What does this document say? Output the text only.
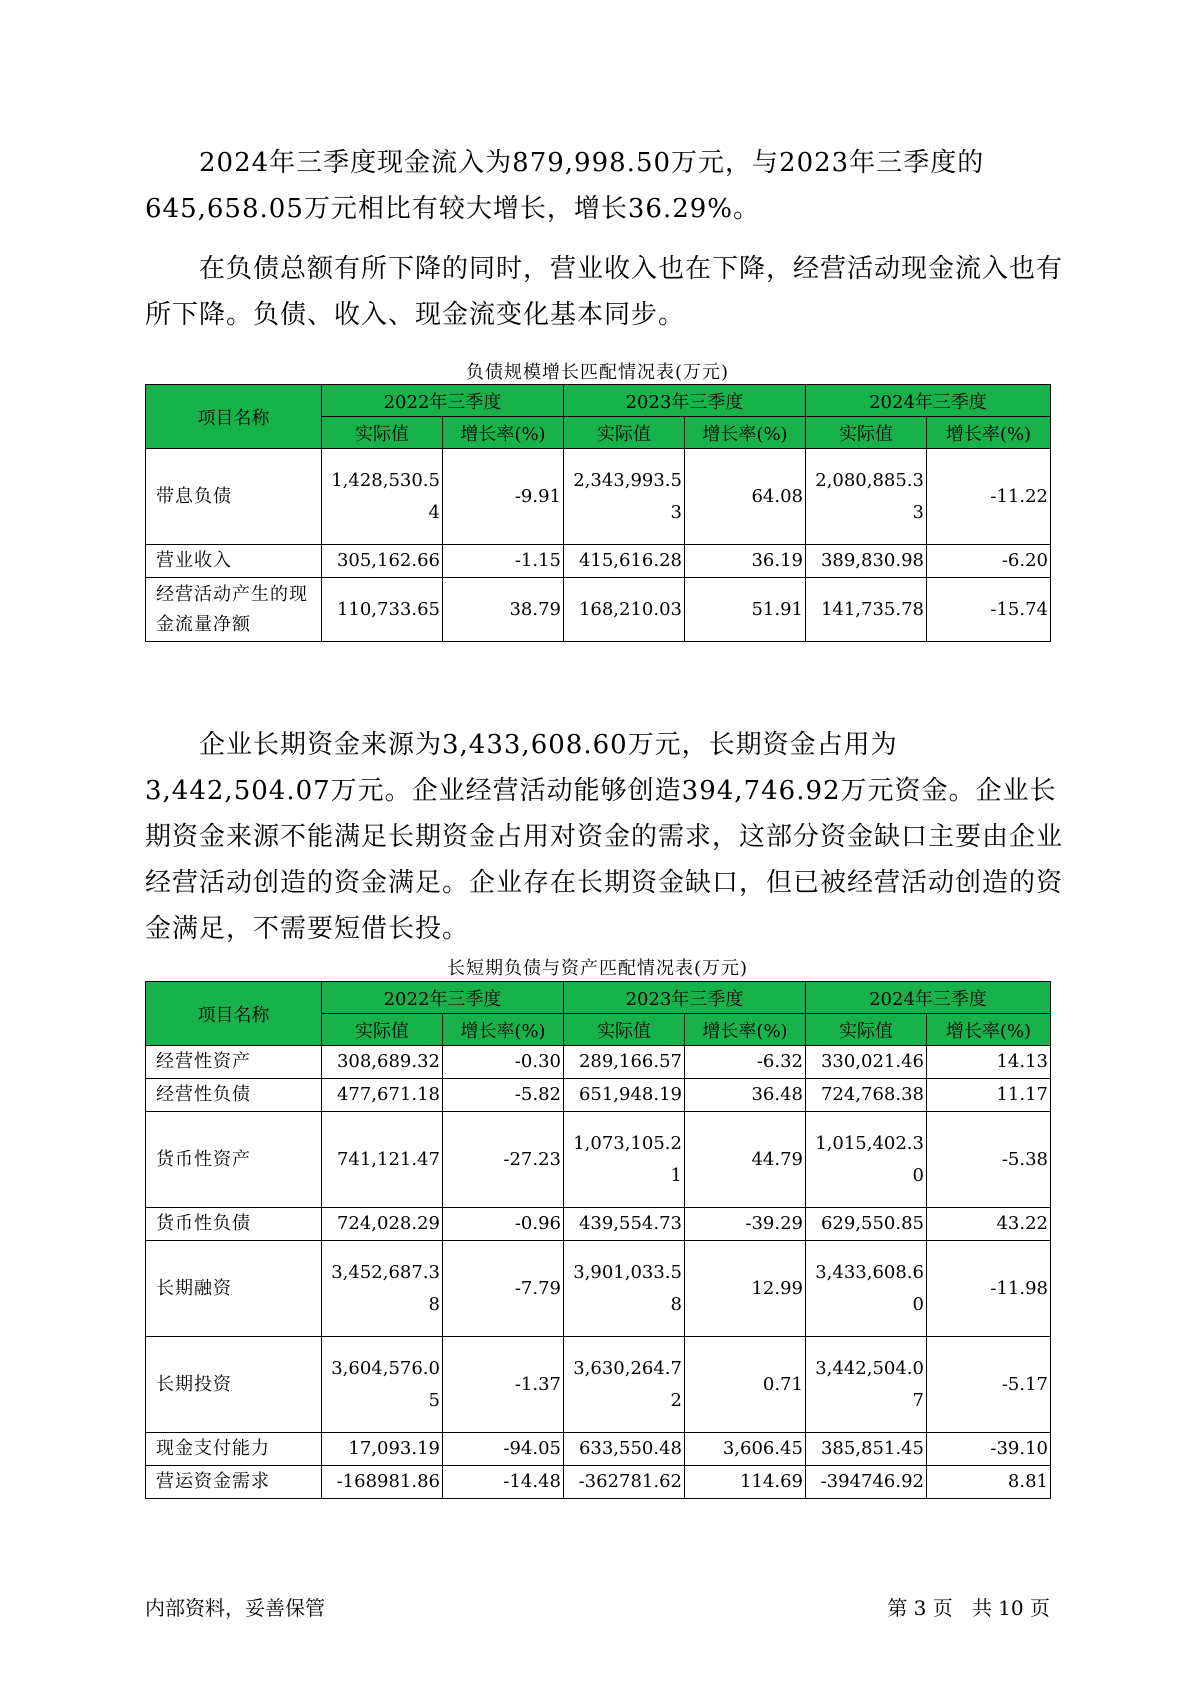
2024年三季度现金流入为879,998.50万元，与2023年三季度的645,658.05万元相比有较大增长，增长36.29%。

在负债总额有所下降的同时，营业收入也在下降，经营活动现金流入也有所下降。负债、收入、现金流变化基本同步。

负债规模增长匹配情况表(万元)
项目名称	2022年三季度		2023年三季度		2024年三季度	
	实际值	增长率(%)	实际值	增长率(%)	实际值	增长率(%)
带息负债	1,428,530.54	-9.91	2,343,993.53	64.08	2,080,885.33	-11.22
营业收入	305,162.66	-1.15	415,616.28	36.19	389,830.98	-6.20
经营活动产生的现金流量净额	110,733.65	38.79	168,210.03	51.91	141,735.78	-15.74

企业长期资金来源为3,433,608.60万元，长期资金占用为3,442,504.07万元。企业经营活动能够创造394,746.92万元资金。企业长期资金来源不能满足长期资金占用对资金的需求，这部分资金缺口主要由企业经营活动创造的资金满足。企业存在长期资金缺口，但已被经营活动创造的资金满足，不需要短借长投。

长短期负债与资产匹配情况表(万元)
项目名称	2022年三季度		2023年三季度		2024年三季度	
	实际值	增长率(%)	实际值	增长率(%)	实际值	增长率(%)
经营性资产	308,689.32	-0.30	289,166.57	-6.32	330,021.46	14.13
经营性负债	477,671.18	-5.82	651,948.19	36.48	724,768.38	11.17
货币性资产	741,121.47	-27.23	1,073,105.21	44.79	1,015,402.30	-5.38
货币性负债	724,028.29	-0.96	439,554.73	-39.29	629,550.85	43.22
长期融资	3,452,687.38	-7.79	3,901,033.58	12.99	3,433,608.60	-11.98
长期投资	3,604,576.05	-1.37	3,630,264.72	0.71	3,442,504.07	-5.17
现金支付能力	17,093.19	-94.05	633,550.48	3,606.45	385,851.45	-39.10
营运资金需求	-168981.86	-14.48	-362781.62	114.69	-394746.92	8.81
内部资料，妥善保管	第 3 页   共 10 页
